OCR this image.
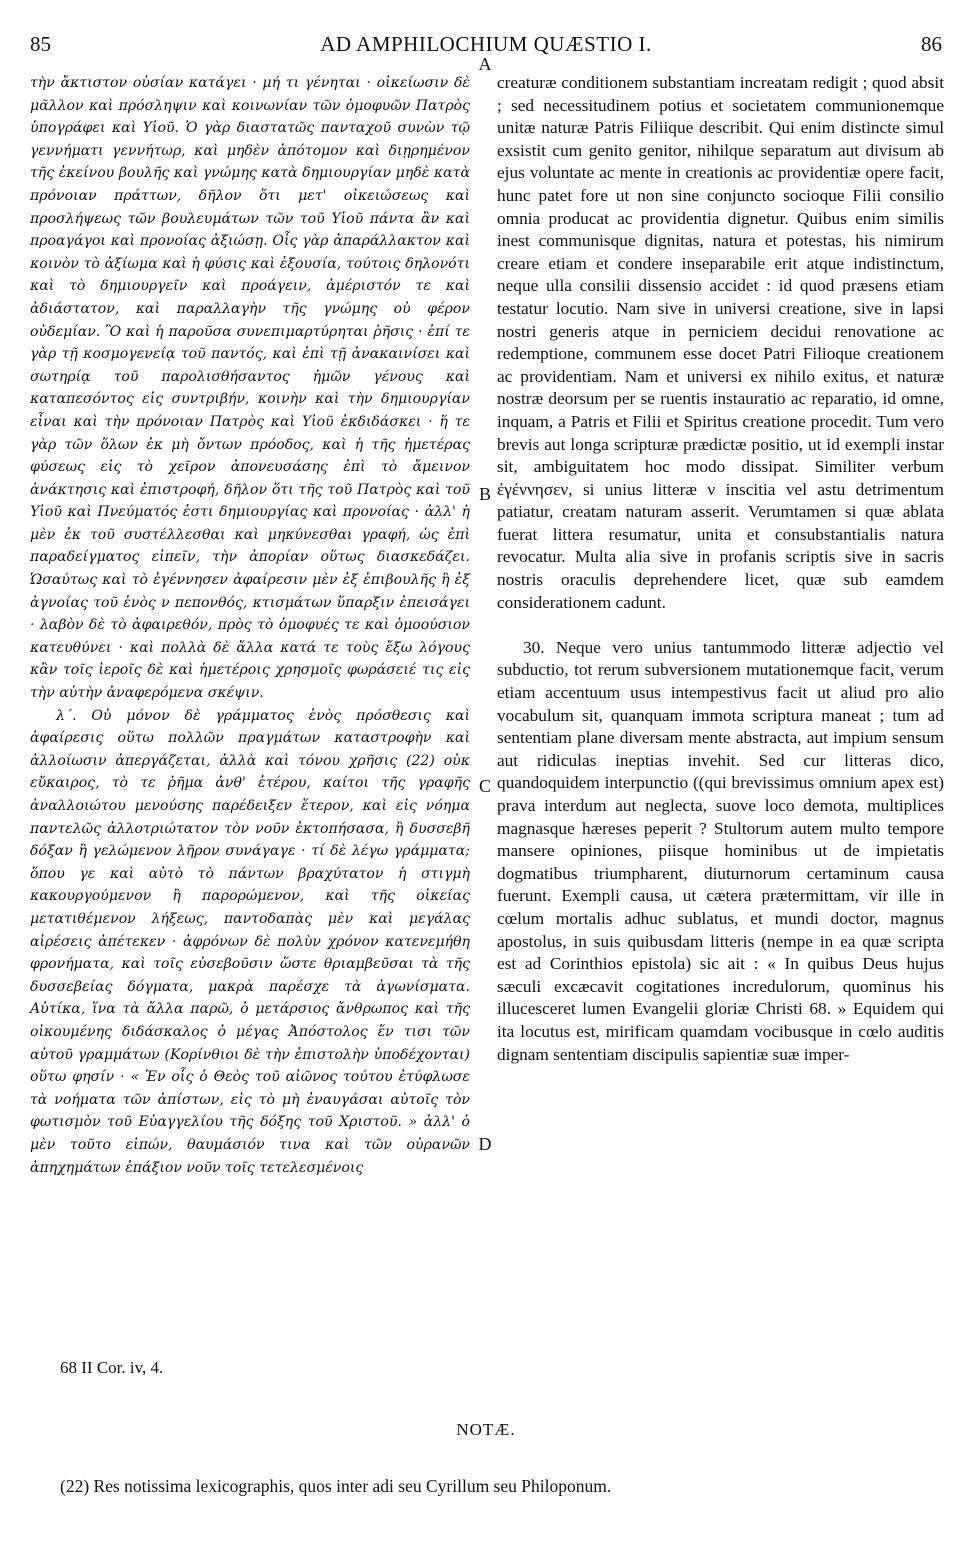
85	AD AMPHILOCHIUM QUÆSTIO I.	86

τὴν ἄκτιστον οὐσίαν κατάγει · μή τι γένηται · οἰκείωσιν δὲ μᾶλλον καὶ πρόσληψιν καὶ κοινωνίαν τῶν ὁμοφυῶν Πατρὸς ὑπογράφει καὶ Υἱοῦ. Ὁ γὰρ διαστατῶς πανταχοῦ συνὼν τῷ γεννήματι γεννήτωρ, καὶ μηδὲν ἀπότομον καὶ διῃρημένον τῆς ἐκείνου βουλῆς καὶ γνώμης κατὰ δημιουργίαν μηδὲ κατὰ πρόνοιαν πράττων, δῆλον ὅτι μετ' οἰκειώσεως καὶ προσλήψεως τῶν βουλευμάτων τῶν τοῦ Υἱοῦ πάντα ἂν καὶ προαγάγοι καὶ προνοίας ἀξιώσῃ. Οἷς γὰρ ἀπαράλλακτον καὶ κοινὸν τὸ ἀξίωμα καὶ ἡ φύσις καὶ ἐξουσία, τούτοις δηλονότι καὶ τὸ δημιουργεῖν καὶ προάγειν, ἀμέριστόν τε καὶ ἀδιάστατον, καὶ παραλλαγὴν τῆς γνώμης οὐ φέρον οὐδεμίαν. Ὃ καὶ ἡ παροῦσα συνεπιμαρτύρηται ῥῆσις · ἐπί τε γὰρ τῇ κοσμογενείᾳ τοῦ παντός, καὶ ἐπὶ τῇ ἀνακαινίσει καὶ σωτηρίᾳ τοῦ παρολισθήσαντος ἡμῶν γένους καὶ καταπεσόντος εἰς συντριβήν, κοινὴν καὶ τὴν δημιουργίαν εἶναι καὶ τὴν πρόνοιαν Πατρὸς καὶ Υἱοῦ ἐκδιδάσκει · ἥ τε γὰρ τῶν ὅλων ἐκ μὴ ὄντων πρόοδος, καὶ ἡ τῆς ἡμετέρας φύσεως εἰς τὸ χεῖρον ἀπονευσάσης ἐπὶ τὸ ἄμεινον ἀνάκτησις καὶ ἐπιστροφή, δῆλον ὅτι τῆς τοῦ Πατρὸς καὶ τοῦ Υἱοῦ καὶ Πνεύματός ἐστι δημιουργίας καὶ προνοίας · ἀλλ' ἡ μὲν ἐκ τοῦ συστέλλεσθαι καὶ μηκύνεσθαι γραφή, ὡς ἐπὶ παραδείγματος εἰπεῖν, τὴν ἀπορίαν οὕτως διασκεδάζει. Ὡσαύτως καὶ τὸ ἐγέννησεν ἀφαίρεσιν μὲν ἐξ ἐπιβουλῆς ἢ ἐξ ἀγνοίας τοῦ ἑνὸς ν πεπονθός, κτισμάτων ὕπαρξιν ἐπεισάγει · λαβὸν δὲ τὸ ἀφαιρεθόν, πρὸς τὸ ὁμοφυές τε καὶ ὁμοούσιον κατευθύνει · καὶ πολλὰ δὲ ἄλλα κατά τε τοὺς ἔξω λόγους κἂν τοῖς ἱεροῖς δὲ καὶ ἡμετέροις χρησμοῖς φωράσειέ τις εἰς τὴν αὐτὴν ἀναφερόμενα σκέψιν.

λ΄. Οὐ μόνον δὲ γράμματος ἑνὸς πρόσθεσις καὶ ἀφαίρεσις οὕτω πολλῶν πραγμάτων καταστροφὴν καὶ ἀλλοίωσιν ἀπεργάζεται, ἀλλὰ καὶ τόνου χρῆσις (22) οὐκ εὔκαιρος, τὸ τε ῥῆμα ἀνθ' ἑτέρου, καίτοι τῆς γραφῆς ἀναλλοιώτου μενούσης παρέδειξεν ἕτερον, καὶ εἰς νόημα παντελῶς ἀλλοτριώτατον τὸν νοῦν ἐκτοπήσασα, ἢ δυσσεβῆ δόξαν ἢ γελώμενον λῆρον συνάγαγε · τί δὲ λέγω γράμματα; ὅπου γε καὶ αὐτὸ τὸ πάντων βραχύτατον ἡ στιγμὴ κακουργούμενον ἢ παρορώμενον, καὶ τῆς οἰκείας μετατιθέμενον λήξεως, παντοδαπὰς μὲν καὶ μεγάλας αἱρέσεις ἀπέτεκεν · ἀφρόνων δὲ πολὺν χρόνον κατενεμήθη φρονήματα, καὶ τοῖς εὐσεβοῦσιν ὥστε θριαμβεῦσαι τὰ τῆς δυσσεβείας δόγματα, μακρὰ παρέσχε τὰ ἀγωνίσματα. Αὐτίκα, ἵνα τὰ ἄλλα παρῶ, ὁ μετάρσιος ἄνθρωπος καὶ τῆς οἰκουμένης διδάσκαλος ὁ μέγας Ἀπόστολος ἔν τισι τῶν αὐτοῦ γραμμάτων (Κορίνθιοι δὲ τὴν ἐπιστολὴν ὑποδέχονται) οὕτω φησίν · « Ἐν οἷς ὁ Θεὸς τοῦ αἰῶνος τούτου ἐτύφλωσε τὰ νοήματα τῶν ἀπίστων, εἰς τὸ μὴ ἐναυγάσαι αὐτοῖς τὸν φωτισμὸν τοῦ Εὐαγγελίου τῆς δόξης τοῦ Χριστοῦ. » ἀλλ' ὁ μὲν τοῦτο εἰπών, θαυμάσιόν τινα καὶ τῶν οὐρανῶν ἀπηχημάτων ἐπάξιον νοῦν τοῖς τετελεσμένοις

creaturæ conditionem substantiam increatam redigit ; quod absit ; sed necessitudinem potius et societatem communionemque unitæ naturæ Patris Filiique describit. Qui enim distincte simul exsistit cum genito genitor, nihilque separatum aut divisum ab ejus voluntate ac mente in creationis ac providentiæ opere facit, hunc patet fore ut non sine conjuncto socioque Filii consilio omnia producat ac providentia dignetur. Quibus enim similis inest communisque dignitas, natura et potestas, his nimirum creare etiam et condere inseparabile erit atque indistinctum, neque ulla consilii dissensio accidet : id quod præsens etiam testatur locutio. Nam sive in universi creatione, sive in lapsi nostri generis atque in perniciem decidui renovatione ac redemptione, communem esse docet Patri Filioque creationem ac providentiam. Nam et universi ex nihilo exitus, et naturæ nostræ deorsum per se ruentis instauratio ac reparatio, id omne, inquam, a Patris et Filii et Spiritus creatione procedit. Tum vero brevis aut longa scripturæ prædictæ positio, ut id exempli instar sit, ambiguitatem hoc modo dissipat. Similiter verbum ἐγέννησεν, si unius litteræ ν inscitia vel astu detrimentum patiatur, creatam naturam asserit. Verumtamen si quæ ablata fuerat littera resumatur, unita et consubstantialis natura revocatur. Multa alia sive in profanis scriptis sive in sacris nostris oraculis deprehendere licet, quæ sub eamdem considerationem cadunt.

30. Neque vero unius tantummodo litteræ adjectio vel subductio, tot rerum subversionem mutationemque facit, verum etiam accentuum usus intempestivus facit ut aliud pro alio vocabulum sit, quanquam immota scriptura maneat ; tum ad sententiam plane diversam mente abstracta, aut impium sensum aut ridiculas ineptias invehit. Sed cur litteras dico, quandoquidem interpunctio ((qui brevissimus omnium apex est) prava interdum aut neglecta, suove loco demota, multiplices magnasque hæreses peperit ? Stultorum autem multo tempore mansere opiniones, piisque hominibus ut de impietatis dogmatibus triumpharent, diuturnorum certaminum causa fuerunt. Exempli causa, ut cætera prætermittam, vir ille in cœlum mortalis adhuc sublatus, et mundi doctor, magnus apostolus, in suis quibusdam litteris (nempe in ea quæ scripta est ad Corinthios epistola) sic ait : « In quibus Deus hujus sæculi excæcavit cogitationes incredulorum, quominus his illucesceret lumen Evangelii gloriæ Christi 68. » Equidem qui ita locutus est, mirificam quamdam vocibusque in cœlo auditis dignam sententiam discipulis sapientiæ suæ imper-

A
B
C
D
68 II Cor. iv, 4.
NOTÆ.
(22) Res notissima lexicographis, quos inter adi seu Cyrillum seu Philoponum.
